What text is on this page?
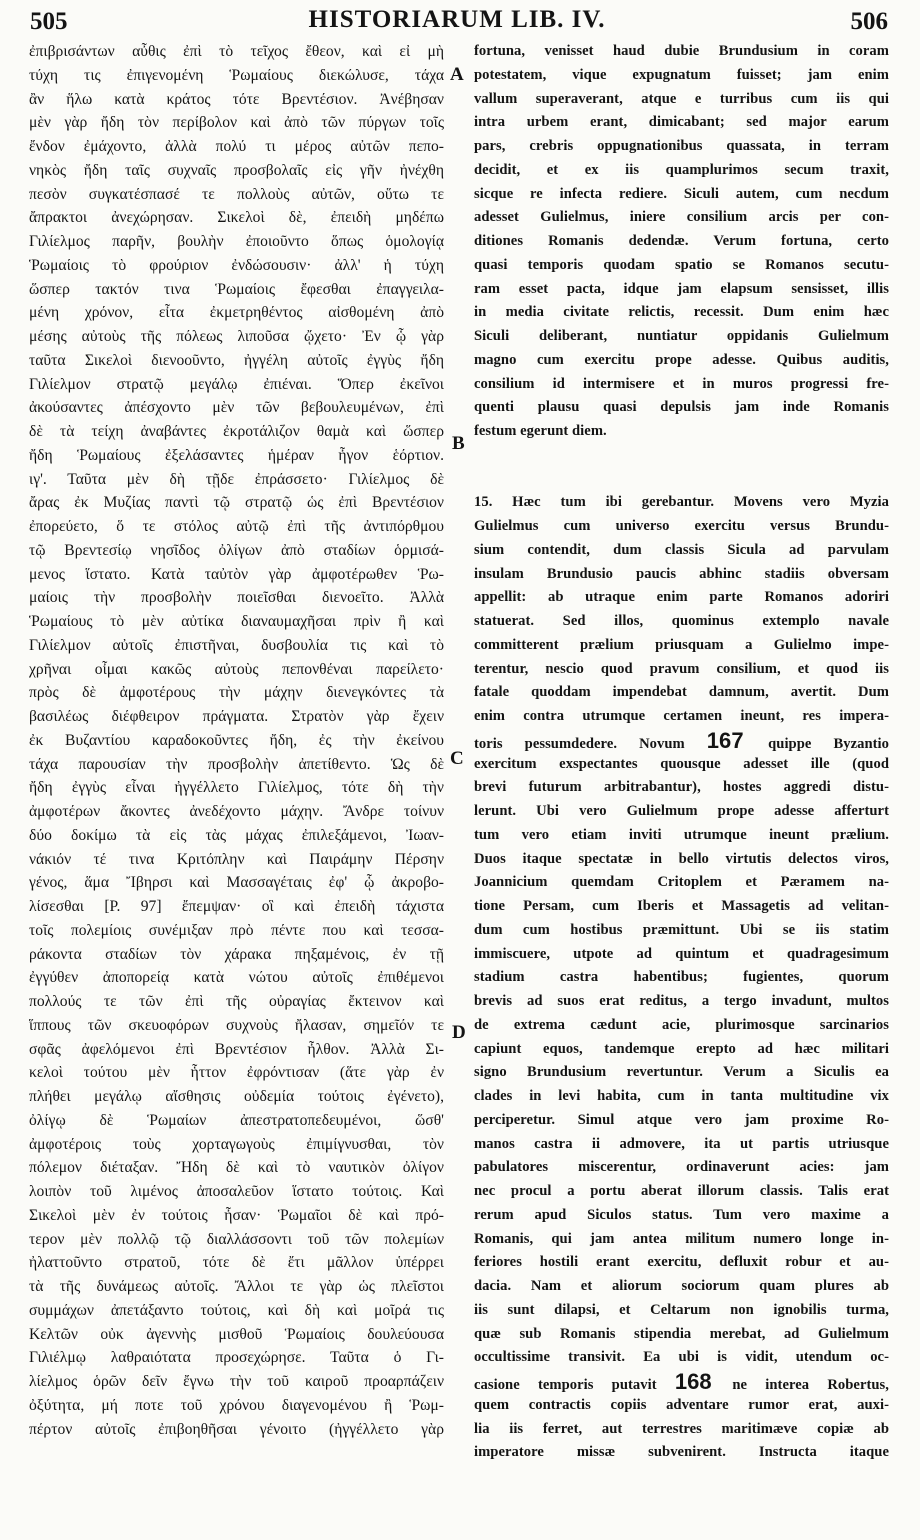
505	HISTORIARUM LIB. IV.	506
ἐπιβρισάντων αὖθις ἐπὶ τὸ τεῖχος ἔθεον, καὶ εἰ μὴ
τύχη τις ἐπιγενομένη Ῥωμαίους διεκώλυσε, τάχα
ἂν ἥλω κατὰ κράτος τότε Βρεντέσιον. Ἀνέβησαν
μὲν γὰρ ἤδη τὸν περίβολον καὶ ἀπὸ τῶν πύργων τοῖς
ἔνδον ἐμάχοντο, ἀλλὰ πολύ τι μέρος αὐτῶν πεπο-
νηκὸς ἤδη ταῖς συχναῖς προσβολαῖς εἰς γῆν ἠνέχθη
πεσὸν συγκατέσπασέ τε πολλοὺς αὐτῶν, οὕτω τε
ἄπρακτοι ἀνεχώρησαν. Σικελοὶ δὲ, ἐπειδὴ μηδέπω
Γιλίελμος παρῆν, βουλὴν ἐποιοῦντο ὅπως ὁμολογίᾳ
Ῥωμαίοις τὸ φρούριον ἐνδώσουσιν· ἀλλ' ἡ τύχη
ὥσπερ τακτόν τινα Ῥωμαίοις ἔφεσθαι ἐπαγγειλα-
μένη χρόνον, εἶτα ἐκμετρηθέντος αἰσθομένη ἀπὸ
μέσης αὐτοὺς τῆς πόλεως λιποῦσα ᾤχετο· Ἐν ᾧ γὰρ
ταῦτα Σικελοὶ διενοοῦντο, ἠγγέλη αὐτοῖς ἐγγὺς ἤδη
Γιλίελμον στρατῷ μεγάλῳ ἐπιέναι. Ὅπερ ἐκεῖνοι
ἀκούσαντες ἀπέσχοντο μὲν τῶν βεβουλευμένων, ἐπὶ
δὲ τὰ τείχη ἀναβάντες ἐκροτάλιζον θαμὰ καὶ ὥσπερ
ἤδη Ῥωμαίους ἐξελάσαντες ἡμέραν ἦγον ἑόρτιον.
ιγ'. Ταῦτα μὲν δὴ τῇδε ἐπράσσετο· Γιλίελμος δὲ
ἄρας ἐκ Μυζίας παντὶ τῷ στρατῷ ὡς ἐπὶ Βρεντέσιον
ἐπορεύετο, ὅ τε στόλος αὐτῷ ἐπὶ τῆς ἀντιπόρθμου
τῷ Βρεντεσίῳ νησῖδος ὀλίγων ἀπὸ σταδίων ὁρμισά-
μενος ἵστατο. Κατὰ ταὐτὸν γὰρ ἀμφοτέρωθεν Ῥω-
μαίοις τὴν προσβολὴν ποιεῖσθαι διενοεῖτο. Ἀλλὰ
Ῥωμαίους τὸ μὲν αὐτίκα διαναυμαχῆσαι πρὶν ἢ καὶ
Γιλίελμον αὐτοῖς ἐπιστῆναι, δυσβουλία τις καὶ τὸ
χρῆναι οἶμαι κακῶς αὐτοὺς πεπονθέναι παρείλετο·
πρὸς δὲ ἀμφοτέρους τὴν μάχην διενεγκόντες τὰ
βασιλέως διέφθειρον πράγματα. Στρατὸν γὰρ ἔχειν
ἐκ Βυζαντίου καραδοκοῦντες ἤδη, ἐς τὴν ἐκείνου
τάχα παρουσίαν τὴν προσβολὴν ἀπετίθεντο. Ὡς δὲ
ἤδη ἐγγὺς εἶναι ἠγγέλλετο Γιλίελμος, τότε δὴ τὴν
ἀμφοτέρων ἄκοντες ἀνεδέχοντο μάχην. Ἄνδρε τοίνυν
δύο δοκίμω τὰ εἰς τὰς μάχας ἐπιλεξάμενοι, Ἰωαν-
νάκιόν τέ τινα Κριτόπλην καὶ Παιράμην Πέρσην
γένος, ἅμα Ἴβηρσι καὶ Μασσαγέταις ἐφ' ᾧ ἀκροβο-
λίσεσθαι [P. 97] ἔπεμψαν· οἳ καὶ ἐπειδὴ τάχιστα
τοῖς πολεμίοις συνέμιξαν πρὸ πέντε που καὶ τεσσα-
ράκοντα σταδίων τὸν χάρακα πηξαμένοις, ἐν τῇ
ἐγγύθεν ἀποπορείᾳ κατὰ νώτου αὐτοῖς ἐπιθέμενοι
πολλούς τε τῶν ἐπὶ τῆς οὐραγίας ἔκτεινον καὶ
ἵππους τῶν σκευοφόρων συχνοὺς ἤλασαν, σημεῖόν τε
σφᾶς ἀφελόμενοι ἐπὶ Βρεντέσιον ἦλθον. Ἀλλὰ Σι-
κελοὶ τούτου μὲν ἧττον ἐφρόντισαν (ἅτε γὰρ ἐν
πλήθει μεγάλῳ αἴσθησις οὐδεμία τούτοις ἐγένετο),
ὀλίγῳ δὲ Ῥωμαίων ἀπεστρατοπεδευμένοι, ὥσθ'
ἀμφοτέροις τοὺς χορταγωγοὺς ἐπιμίγνυσθαι, τὸν
πόλεμον διέταξαν. Ἤδη δὲ καὶ τὸ ναυτικὸν ὀλίγον
λοιπὸν τοῦ λιμένος ἀποσαλεῦον ἵστατο τούτοις. Καὶ
Σικελοὶ μὲν ἐν τούτοις ἦσαν· Ῥωμαῖοι δὲ καὶ πρό-
τερον μὲν πολλῷ τῷ διαλλάσσοντι τοῦ τῶν πολεμίων
ἠλαττοῦντο στρατοῦ, τότε δὲ ἔτι μᾶλλον ὑπέρρει
τὰ τῆς δυνάμεως αὐτοῖς. Ἄλλοι τε γὰρ ὡς πλεῖστοι
συμμάχων ἀπετάξαντο τούτοις, καὶ δὴ καὶ μοῖρά τις
Κελτῶν οὐκ ἀγεννὴς μισθοῦ Ῥωμαίοις δουλεύουσα
Γιλιέλμῳ λαθραιότατα προσεχώρησε. Ταῦτα ὁ Γι-
λίελμος ὁρῶν δεῖν ἔγνω τὴν τοῦ καιροῦ προαρπάζειν
ὀξύτητα, μή ποτε τοῦ χρόνου διαγενομένου ἢ Ῥωμ-
πέρτον αὐτοῖς ἐπιβοηθῆσαι γένοιτο (ἠγγέλλετο γὰρ
fortuna, venisset haud dubie Brundusium in coram
potestatem, vique expugnatum fuisset; jam enim
vallum superaverant, atque e turribus cum iis qui
intra urbem erant, dimicabant; sed major earum
pars, crebris oppugnationibus quassata, in terram
decidit, et ex iis quamplurimos secum traxit,
sicque re infecta rediere. Siculi autem, cum necdum
adesset Gulielmus, iniere consilium arcis per con-
ditiones Romanis dedendæ. Verum fortuna, certo
quasi temporis quodam spatio se Romanos secutu-
ram esset pacta, idque jam elapsum sensisset, illis
in media civitate relictis, recessit. Dum enim hæc
Siculi deliberant, nuntiatur oppidanis Gulielmum
magno cum exercitu prope adesse. Quibus auditis,
consilium id intermisere et in muros progressi fre-
quenti plausu quasi depulsis jam inde Romanis
festum egerunt diem.
15. Hæc tum ibi gerebantur. Movens vero Myzia
Gulielmus cum universo exercitu versus Brundu-
sium contendit, dum classis Sicula ad parvulam
insulam Brundusio paucis abhinc stadiis obversam
appellit: ab utraque enim parte Romanos adoriri
statuerat. Sed illos, quominus extemplo navale
committerent prælium priusquam a Gulielmo impe-
terentur, nescio quod pravum consilium, et quod iis
fatale quoddam impendebat damnum, avertit. Dum
enim contra utrumque certamen ineunt, res impera-
toris pessumdedere. Novum 167 quippe Byzantio
exercitum exspectantes quousque adesset ille (quod
brevi futurum arbitrabantur), hostes aggredi distu-
lerunt. Ubi vero Gulielmum prope adesse afferturt
tum vero etiam inviti utrumque ineunt prælium.
Duos itaque spectatæ in bello virtutis delectos viros,
Joannicium quemdam Critoplem et Pæramem na-
tione Persam, cum Iberis et Massagetis ad velitan-
dum cum hostibus præmittunt. Ubi se iis statim
immiscuere, utpote ad quintum et quadragesimum
stadium castra habentibus; fugientes, quorum
brevis ad suos erat reditus, a tergo invadunt, multos
de extrema cædunt acie, plurimosque sarcinarios
capiunt equos, tandemque erepto ad hæc militari
signo Brundusium revertuntur. Verum a Siculis ea
clades in levi habita, cum in tanta multitudine vix
perciperetur. Simul atque vero jam proxime Ro-
manos castra ii admovere, ita ut partis utriusque
pabulatores miscerentur, ordinaverunt acies: jam
nec procul a portu aberat illorum classis. Talis erat
rerum apud Siculos status. Tum vero maxime a
Romanis, qui jam antea militum numero longe in-
feriores hostili erant exercitu, defluxit robur et au-
dacia. Nam et aliorum sociorum quam plures ab
iis sunt dilapsi, et Celtarum non ignobilis turma,
quæ sub Romanis stipendia merebat, ad Gulielmum
occultissime transivit. Ea ubi is vidit, utendum oc-
casione temporis putavit 168 ne interea Robertus,
quem contractis copiis adventare rumor erat, auxi-
lia iis ferret, aut terrestres maritimæve copiæ ab
imperatore missæ subvenirent. Instructa itaque
A
B
C
D
